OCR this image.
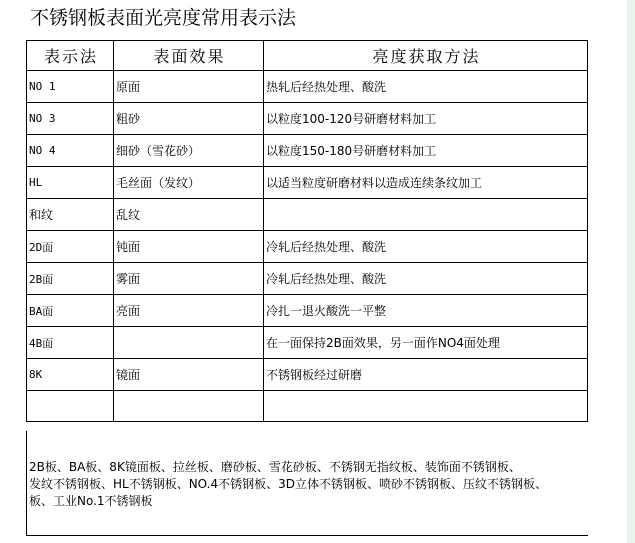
不锈钢板表面光亮度常用表示法
表示法	表面效果	亮度获取方法
NO 1	原面	热轧后经热处理、酸洗
NO 3	粗砂	以粒度100-120号研磨材料加工
NO 4	细砂（雪花砂）	以粒度150-180号研磨材料加工
HL	毛丝面（发纹）	以适当粒度研磨材料以造成连续条纹加工
和纹	乱纹	
2D面	钝面	冷轧后经热处理、酸洗
2B面	雾面	冷轧后经热处理、酸洗
BA面	亮面	冷扎一退火酸洗一平整
4B面		在一面保持2B面效果，另一面作NO4面处理
8K	镜面	不锈钢板经过研磨

2B板、BA板、8K镜面板、拉丝板、磨砂板、雪花砂板、不锈钢无指纹板、装饰面不锈钢板、
发纹不锈钢板、HL不锈钢板、NO.4不锈钢板、3D立体不锈钢板、喷砂不锈钢板、压纹不锈钢板、
板、工业No.1不锈钢板
